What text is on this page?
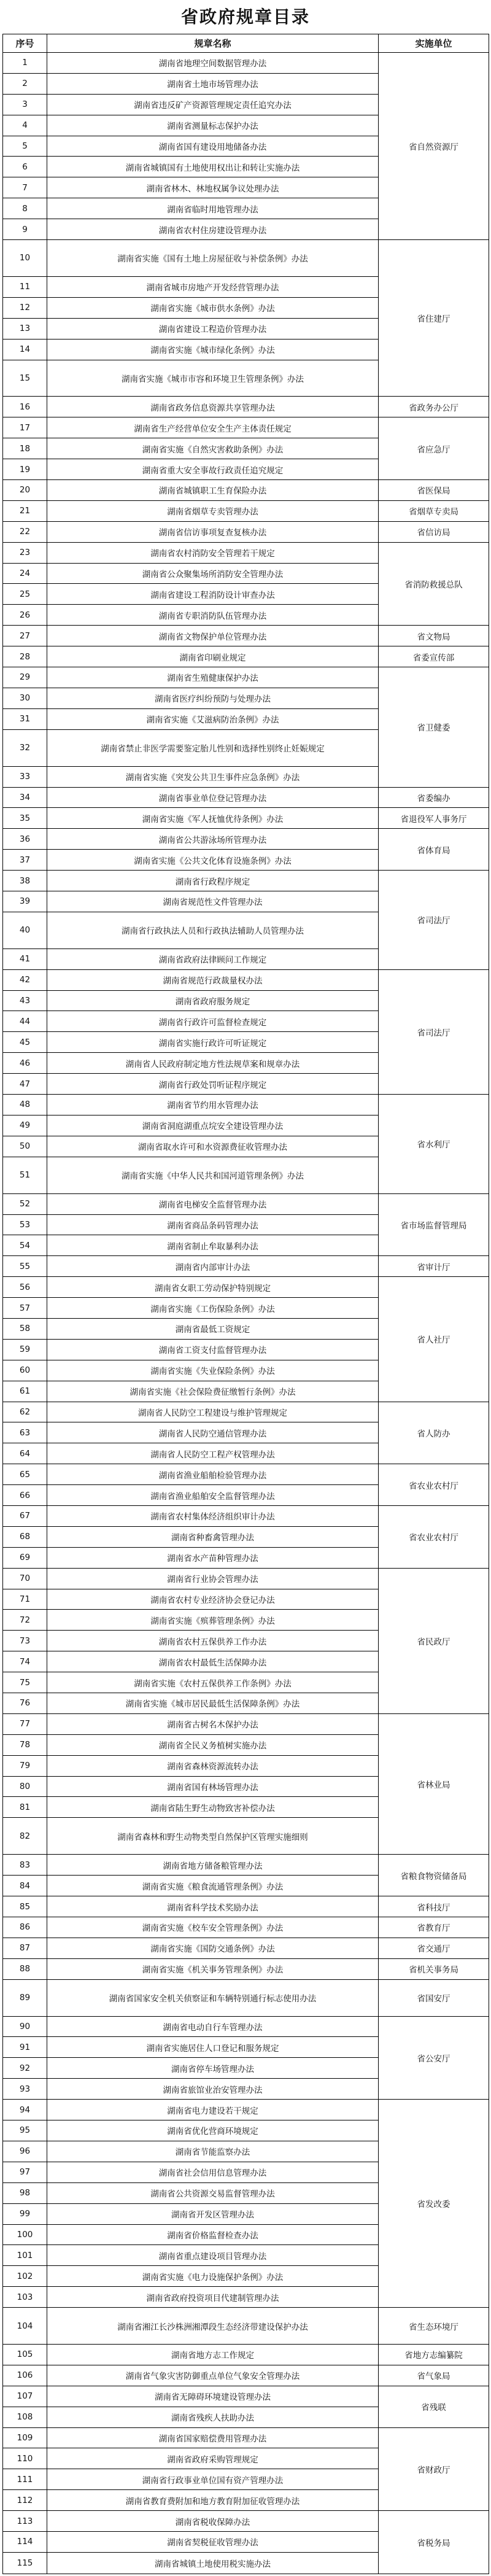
省政府规章目录
序号	规章名称	实施单位
1	湖南省地理空间数据管理办法	省自然资源厅
2	湖南省土地市场管理办法	
3	湖南省违反矿产资源管理规定责任追究办法	
4	湖南省测量标志保护办法	
5	湖南省国有建设用地储备办法	
6	湖南省城镇国有土地使用权出让和转让实施办法	
7	湖南省林木、林地权属争议处理办法	
8	湖南省临时用地管理办法	
9	湖南省农村住房建设管理办法	
10	湖南省实施《国有土地上房屋征收与补偿条例》办法	省住建厅
11	湖南省城市房地产开发经营管理办法	
12	湖南省实施《城市供水条例》办法	
13	湖南省建设工程造价管理办法	
14	湖南省实施《城市绿化条例》办法	
15	湖南省实施《城市市容和环境卫生管理条例》办法	
16	湖南省政务信息资源共享管理办法	省政务办公厅
17	湖南省生产经营单位安全生产主体责任规定	省应急厅
18	湖南省实施《自然灾害救助条例》办法	
19	湖南省重大安全事故行政责任追究规定	
20	湖南省城镇职工生育保险办法	省医保局
21	湖南省烟草专卖管理办法	省烟草专卖局
22	湖南省信访事项复查复核办法	省信访局
23	湖南省农村消防安全管理若干规定	省消防救援总队
24	湖南省公众聚集场所消防安全管理办法	
25	湖南省建设工程消防设计审查办法	
26	湖南省专职消防队伍管理办法	
27	湖南省文物保护单位管理办法	省文物局
28	湖南省印刷业规定	省委宣传部
29	湖南省生殖健康保护办法	省卫健委
30	湖南省医疗纠纷预防与处理办法	
31	湖南省实施《艾滋病防治条例》办法	
32	湖南省禁止非医学需要鉴定胎儿性别和选择性别终止妊娠规定	
33	湖南省实施《突发公共卫生事件应急条例》办法	
34	湖南省事业单位登记管理办法	省委编办
35	湖南省实施《军人抚恤优待条例》办法	省退役军人事务厅
36	湖南省公共游泳场所管理办法	省体育局
37	湖南省实施《公共文化体育设施条例》办法	
38	湖南省行政程序规定	省司法厅
39	湖南省规范性文件管理办法	
40	湖南省行政执法人员和行政执法辅助人员管理办法	
41	湖南省政府法律顾问工作规定	
42	湖南省规范行政裁量权办法	省司法厅
43	湖南省政府服务规定	
44	湖南省行政许可监督检查规定	
45	湖南省实施行政许可听证规定	
46	湖南省人民政府制定地方性法规草案和规章办法	
47	湖南省行政处罚听证程序规定	
48	湖南省节约用水管理办法	省水利厅
49	湖南省洞庭湖重点垸安全建设管理办法	
50	湖南省取水许可和水资源费征收管理办法	
51	湖南省实施《中华人民共和国河道管理条例》办法	
52	湖南省电梯安全监督管理办法	省市场监督管理局
53	湖南省商品条码管理办法	
54	湖南省制止牟取暴利办法	
55	湖南省内部审计办法	省审计厅
56	湖南省女职工劳动保护特别规定	省人社厅
57	湖南省实施《工伤保险条例》办法	
58	湖南省最低工资规定	
59	湖南省工资支付监督管理办法	
60	湖南省实施《失业保险条例》办法	
61	湖南省实施《社会保险费征缴暂行条例》办法	
62	湖南省人民防空工程建设与维护管理规定	省人防办
63	湖南省人民防空通信管理办法	
64	湖南省人民防空工程产权管理办法	
65	湖南省渔业船舶检验管理办法	省农业农村厅
66	湖南省渔业船舶安全监督管理办法	
67	湖南省农村集体经济组织审计办法	省农业农村厅
68	湖南省种畜禽管理办法	
69	湖南省水产苗种管理办法	
70	湖南省行业协会管理办法	省民政厅
71	湖南省农村专业经济协会登记办法	
72	湖南省实施《殡葬管理条例》办法	
73	湖南省农村五保供养工作办法	
74	湖南省农村最低生活保障办法	
75	湖南省实施《农村五保供养工作条例》办法	
76	湖南省实施《城市居民最低生活保障条例》办法	
77	湖南省古树名木保护办法	省林业局
78	湖南省全民义务植树实施办法	
79	湖南省森林资源流转办法	
80	湖南省国有林场管理办法	
81	湖南省陆生野生动物致害补偿办法	
82	湖南省森林和野生动物类型自然保护区管理实施细则	
83	湖南省地方储备粮管理办法	省粮食物资储备局
84	湖南省实施《粮食流通管理条例》办法	
85	湖南省科学技术奖励办法	省科技厅
86	湖南省实施《校车安全管理条例》办法	省教育厅
87	湖南省实施《国防交通条例》办法	省交通厅
88	湖南省实施《机关事务管理条例》办法	省机关事务局
89	湖南省国家安全机关侦察证和车辆特别通行标志使用办法	省国安厅
90	湖南省电动自行车管理办法	省公安厅
91	湖南省实施居住人口登记和服务规定	
92	湖南省停车场管理办法	
93	湖南省旅馆业治安管理办法	
94	湖南省电力建设若干规定	省发改委
95	湖南省优化营商环境规定	
96	湖南省节能监察办法	
97	湖南省社会信用信息管理办法	
98	湖南省公共资源交易监督管理办法	
99	湖南省开发区管理办法	
100	湖南省价格监督检查办法	
101	湖南省重点建设项目管理办法	
102	湖南省实施《电力设施保护条例》办法	
103	湖南省政府投资项目代建制管理办法	
104	湖南省湘江长沙株洲湘潭段生态经济带建设保护办法	省生态环境厅
105	湖南省地方志工作规定	省地方志编纂院
106	湖南省气象灾害防御重点单位气象安全管理办法	省气象局
107	湖南省无障碍环境建设管理办法	省残联
108	湖南省残疾人扶助办法	
109	湖南省国家赔偿费用管理办法	省财政厅
110	湖南省政府采购管理规定	
111	湖南省行政事业单位国有资产管理办法	
112	湖南省教育费附加和地方教育附加征收管理办法	
113	湖南省税收保障办法	省税务局
114	湖南省契税征收管理办法	
115	湖南省城镇土地使用税实施办法	
